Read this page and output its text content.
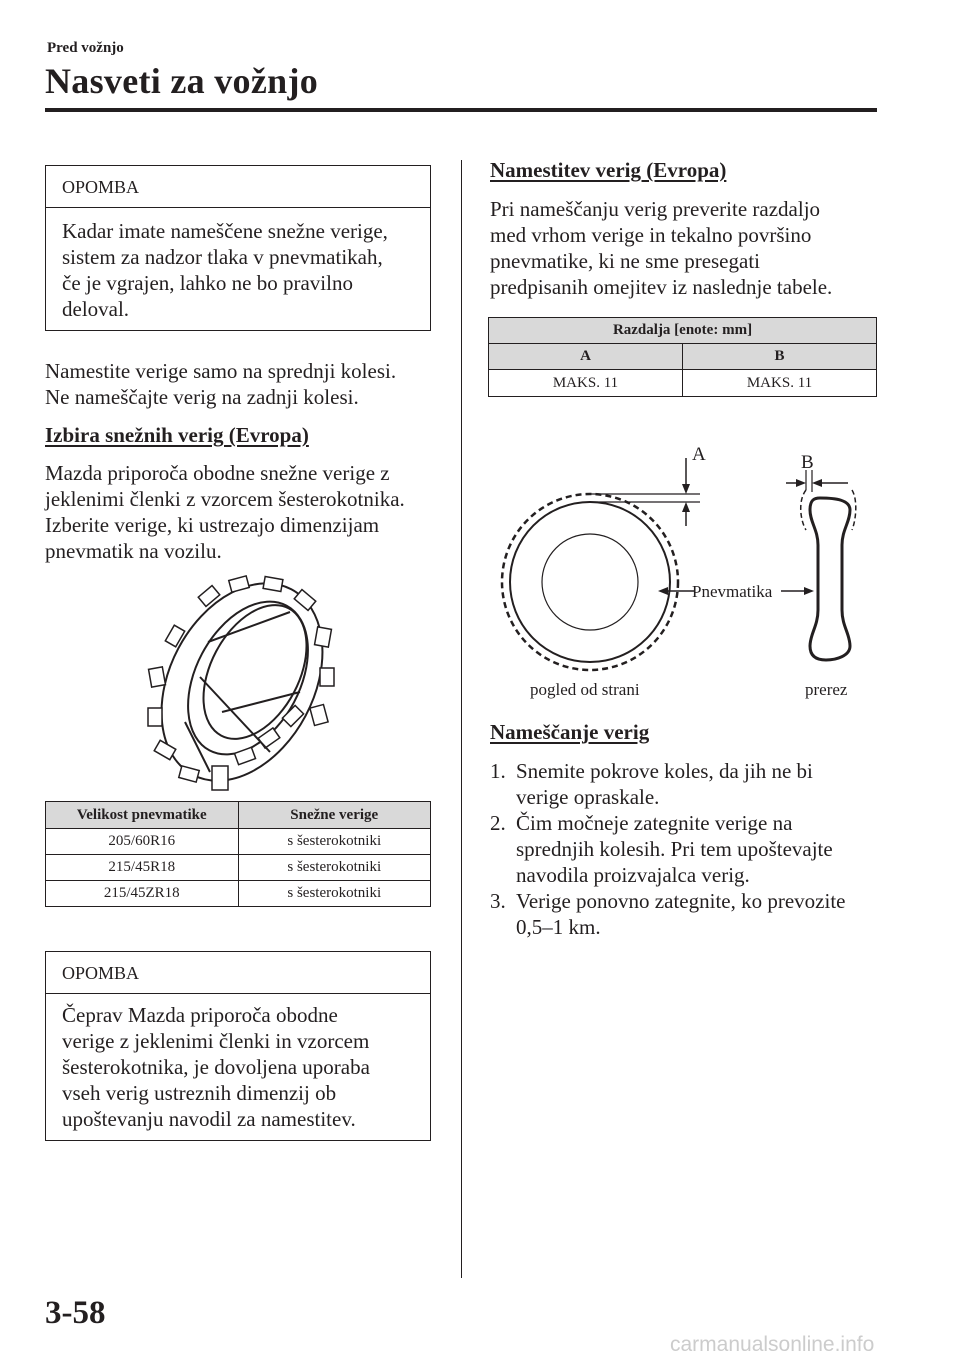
Pred vožnjo
Nasveti za vožnjo
OPOMBA
Kadar imate nameščene snežne verige,
sistem za nadzor tlaka v pnevmatikah,
če je vgrajen, lahko ne bo pravilno
deloval.
Namestite verige samo na sprednji kolesi.
Ne nameščajte verig na zadnji kolesi.
Izbira snežnih verig (Evropa)
Mazda priporoča obodne snežne verige z
jeklenimi členki z vzorcem šesterokotnika.
Izberite verige, ki ustrezajo dimenzijam
pnevmatik na vozilu.
Velikost pnevmatike	Snežne verige
205/60R16	s šesterokotniki
215/45R18	s šesterokotniki
215/45ZR18	s šesterokotniki
OPOMBA
Čeprav Mazda priporoča obodne
verige z jeklenimi členki in vzorcem
šesterokotnika, je dovoljena uporaba
vseh verig ustreznih dimenzij ob
upoštevanju navodil za namestitev.
Namestitev verig (Evropa)
Pri nameščanju verig preverite razdaljo
med vrhom verige in tekalno površino
pnevmatike, ki ne sme presegati
predpisanih omejitev iz naslednje tabele.
Razdalja [enote: mm]	
A	B
MAKS. 11	MAKS. 11
A	B
Pnevmatika
pogled od strani	prerez
Nameščanje verig
1. Snemite pokrove koles, da jih ne bi
verige opraskale.
2. Čim močneje zategnite verige na
sprednjih kolesih. Pri tem upoštevajte
navodila proizvajalca verig.
3. Verige ponovno zategnite, ko prevozite
0,5–1 km.
3-58
carmanualsonline.info
